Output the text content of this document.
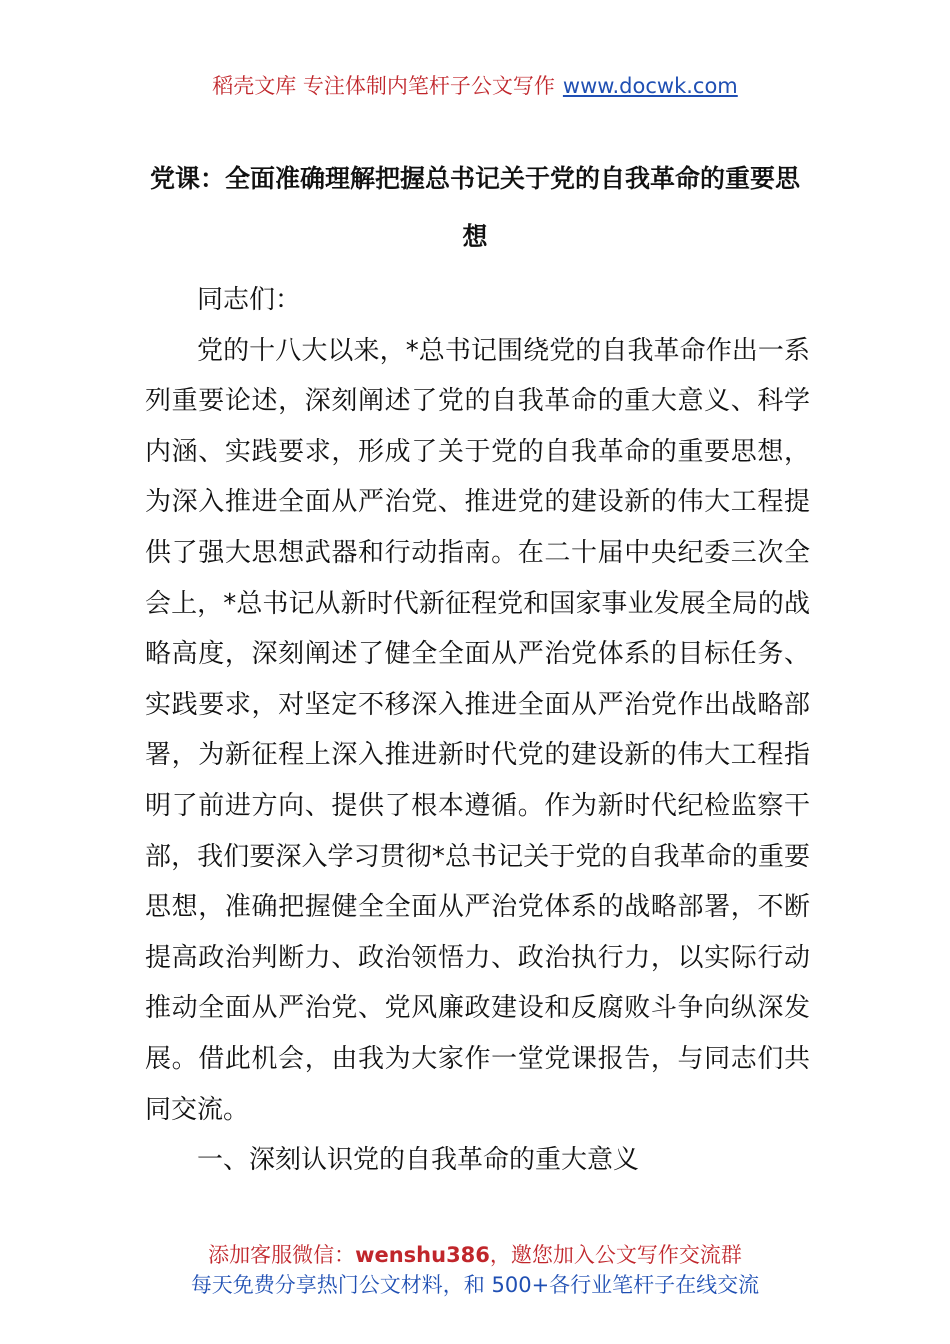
稻壳文库 专注体制内笔杆子公文写作 www.docwk.com
党课：全面准确理解把握总书记关于党的自我革命的重要思想

同志们：

党的十八大以来，*总书记围绕党的自我革命作出一系列重要论述，深刻阐述了党的自我革命的重大意义、科学内涵、实践要求，形成了关于党的自我革命的重要思想，为深入推进全面从严治党、推进党的建设新的伟大工程提供了强大思想武器和行动指南。在二十届中央纪委三次全会上，*总书记从新时代新征程党和国家事业发展全局的战略高度，深刻阐述了健全全面从严治党体系的目标任务、实践要求，对坚定不移深入推进全面从严治党作出战略部署，为新征程上深入推进新时代党的建设新的伟大工程指明了前进方向、提供了根本遵循。作为新时代纪检监察干部，我们要深入学习贯彻*总书记关于党的自我革命的重要思想，准确把握健全全面从严治党体系的战略部署，不断提高政治判断力、政治领悟力、政治执行力，以实际行动推动全面从严治党、党风廉政建设和反腐败斗争向纵深发展。借此机会，由我为大家作一堂党课报告，与同志们共同交流。

一、深刻认识党的自我革命的重大意义

添加客服微信：wenshu386，邀您加入公文写作交流群
每天免费分享热门公文材料，和 500+各行业笔杆子在线交流
